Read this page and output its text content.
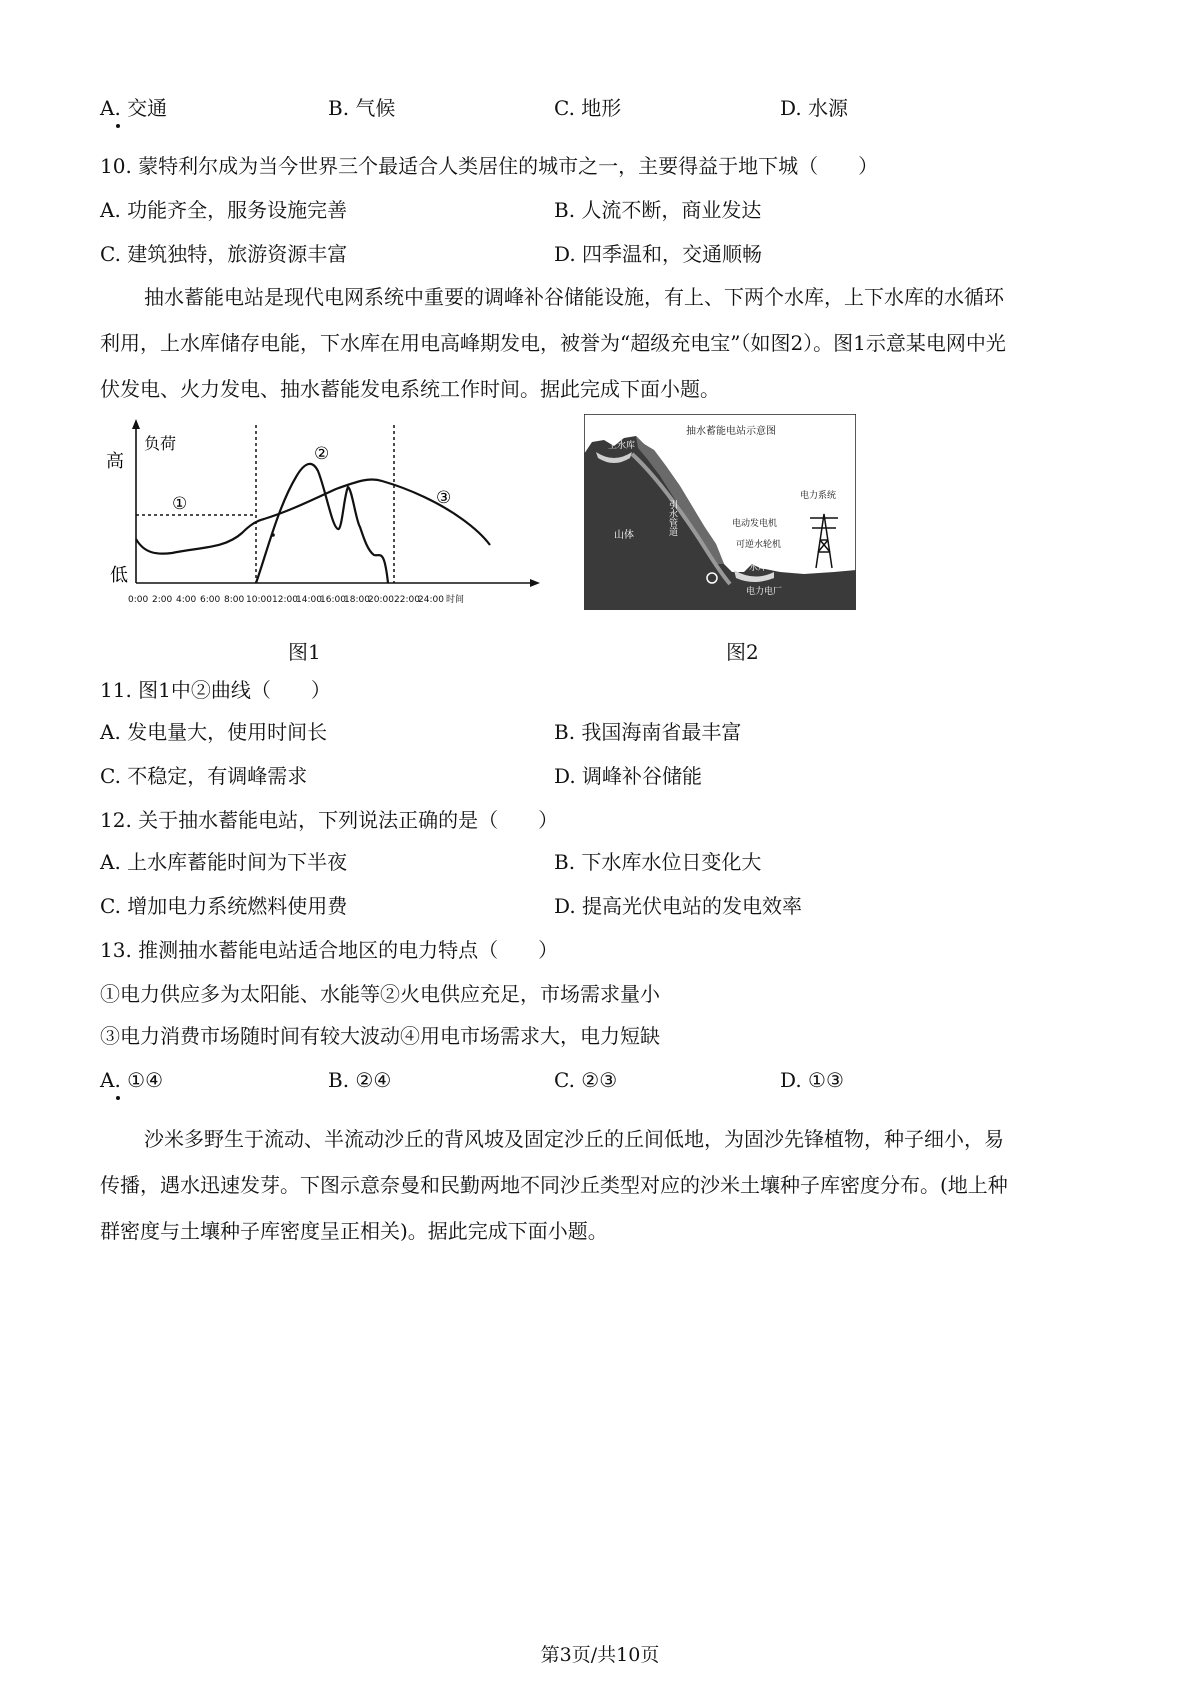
A. 交通	B. 气候	C. 地形	D. 水源
10. 蒙特利尔成为当今世界三个最适合人类居住的城市之一，主要得益于地下城（　　）
A. 功能齐全，服务设施完善	B. 人流不断，商业发达
C. 建筑独特，旅游资源丰富	D. 四季温和，交通顺畅
抽水蓄能电站是现代电网系统中重要的调峰补谷储能设施，有上、下两个水库，上下水库的水循环利用，上水库储存电能，下水库在用电高峰期发电，被誉为“超级充电宝”（如图2）。图1示意某电网中光伏发电、火力发电、抽水蓄能发电系统工作时间。据此完成下面小题。
负荷
高
低
①
②
③
0:00 2:00 4:00 6:00 8:00 10:00 12:00
14:00
16:00
18:00
20:00 22:00
24:00 时间
图1
抽水蓄能电站示意图
上水库
引水管道
山体
下水库
电动发电机
可逆水轮机
电力系统
电力电厂
图2
11. 图1中②曲线（　　）
A. 发电量大，使用时间长	B. 我国海南省最丰富
C. 不稳定，有调峰需求	D. 调峰补谷储能
12. 关于抽水蓄能电站，下列说法正确的是（　　）
A. 上水库蓄能时间为下半夜	B. 下水库水位日变化大
C. 增加电力系统燃料使用费	D. 提高光伏电站的发电效率
13. 推测抽水蓄能电站适合地区的电力特点（　　）
①电力供应多为太阳能、水能等②火电供应充足，市场需求量小
③电力消费市场随时间有较大波动④用电市场需求大，电力短缺
A. ①④	B. ②④	C. ②③	D. ①③
沙米多野生于流动、半流动沙丘的背风坡及固定沙丘的丘间低地，为固沙先锋植物，种子细小，易传播，遇水迅速发芽。下图示意奈曼和民勤两地不同沙丘类型对应的沙米土壤种子库密度分布。(地上种群密度与土壤种子库密度呈正相关)。据此完成下面小题。
第3页/共10页
